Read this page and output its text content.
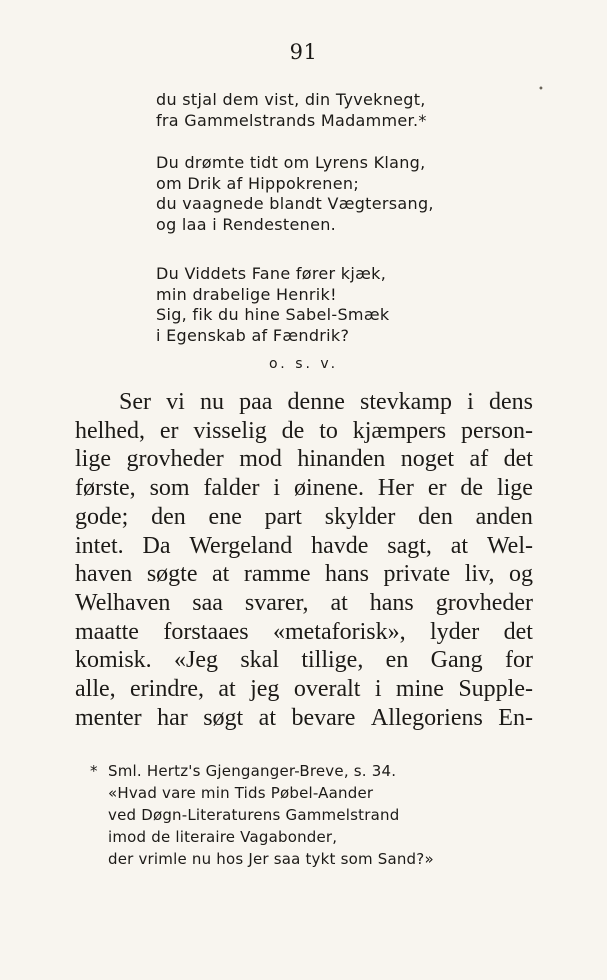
91
du stjal dem vist, din Tyveknegt,
fra Gammelstrands Madammer.*
Du drømte tidt om Lyrens Klang,
om Drik af Hippokrenen;
du vaagnede blandt Vægtersang,
og laa i Rendestenen.
Du Viddets Fane fører kjæk,
min drabelige Henrik!
Sig, fik du hine Sabel-Smæk
i Egenskab af Fændrik?
o. s. v.
Ser vi nu paa denne stevkamp i dens
helhed, er visselig de to kjæmpers person-
lige grovheder mod hinanden noget af det
første, som falder i øinene. Her er de lige
gode; den ene part skylder den anden
intet. Da Wergeland havde sagt, at Wel-
haven søgte at ramme hans private liv, og
Welhaven saa svarer, at hans grovheder
maatte forstaaes «metaforisk», lyder det
komisk. «Jeg skal tillige, en Gang for
alle, erindre, at jeg overalt i mine Supple-
menter har søgt at bevare Allegoriens En-
* Sml. Hertz's Gjenganger-Breve, s. 34.
«Hvad vare min Tids Pøbel-Aander
ved Døgn-Literaturens Gammelstrand
imod de literaire Vagabonder,
der vrimle nu hos Jer saa tykt som Sand?»
•
